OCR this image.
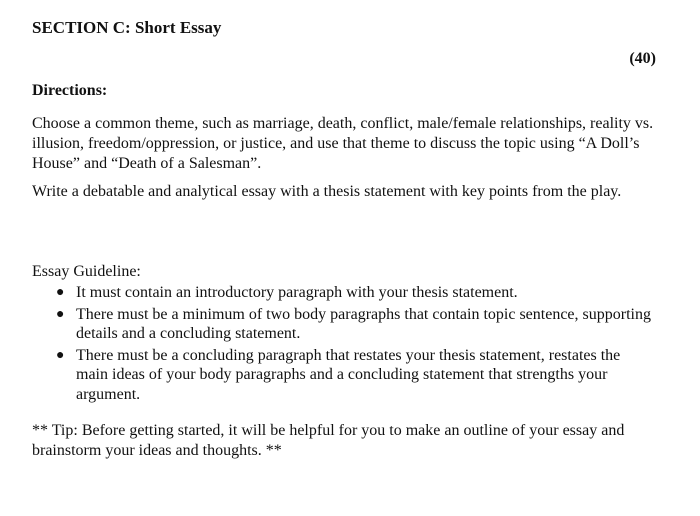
SECTION C: Short Essay
(40)
Directions:

Choose a common theme, such as marriage, death, conflict, male/female relationships, reality vs. illusion, freedom/oppression, or justice, and use that theme to discuss the topic using “A Doll’s House” and “Death of a Salesman”.

Write a debatable and analytical essay with a thesis statement with key points from the play.

Essay Guideline:
● It must contain an introductory paragraph with your thesis statement.
● There must be a minimum of two body paragraphs that contain topic sentence, supporting details and a concluding statement.
● There must be a concluding paragraph that restates your thesis statement, restates the main ideas of your body paragraphs and a concluding statement that strengths your argument.

** Tip: Before getting started, it will be helpful for you to make an outline of your essay and brainstorm your ideas and thoughts. **
